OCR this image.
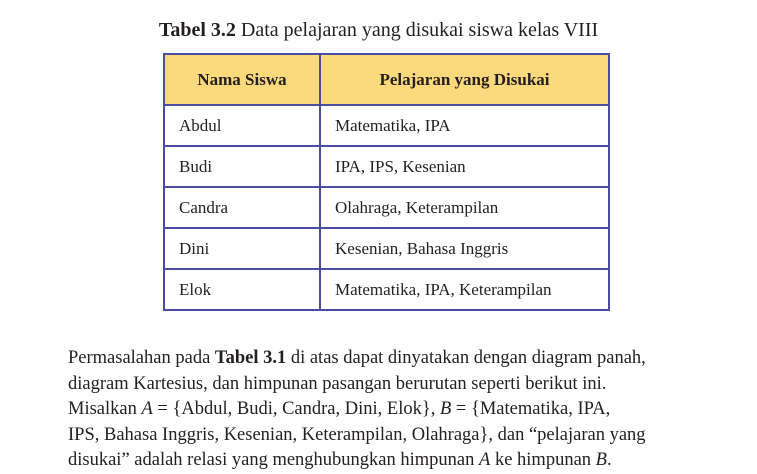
Tabel 3.2 Data pelajaran yang disukai siswa kelas VIII
Nama Siswa	Pelajaran yang Disukai
Abdul	Matematika, IPA
Budi	IPA, IPS, Kesenian
Candra	Olahraga, Keterampilan
Dini	Kesenian, Bahasa Inggris
Elok	Matematika, IPA, Keterampilan

Permasalahan pada Tabel 3.1 di atas dapat dinyatakan dengan diagram panah,

diagram Kartesius, dan himpunan pasangan berurutan seperti berikut ini.

Misalkan A = {Abdul, Budi, Candra, Dini, Elok}, B = {Matematika, IPA,

IPS, Bahasa Inggris, Kesenian, Keterampilan, Olahraga}, dan “pelajaran yang

disukai” adalah relasi yang menghubungkan himpunan A ke himpunan B.
